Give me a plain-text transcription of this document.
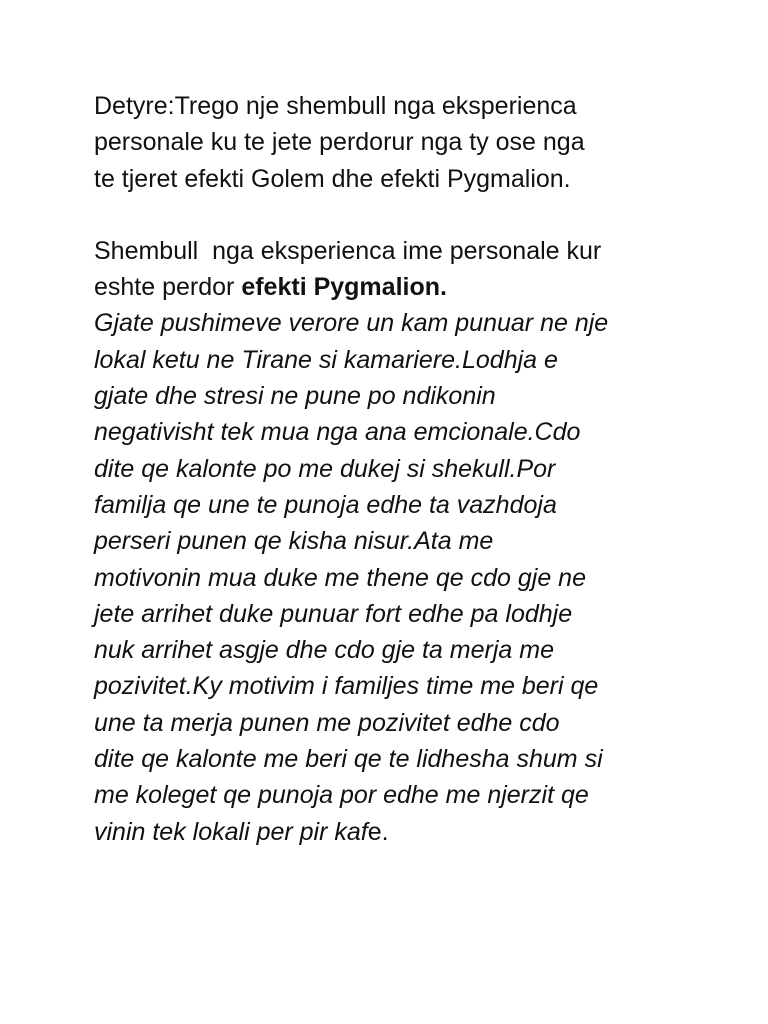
Detyre:Trego nje shembull nga eksperienca
personale ku te jete perdorur nga ty ose nga
te tjeret efekti Golem dhe efekti Pygmalion.
Shembull  nga eksperienca ime personale kur
eshte perdor efekti Pygmalion.
Gjate pushimeve verore un kam punuar ne nje
lokal ketu ne Tirane si kamariere.Lodhja e
gjate dhe stresi ne pune po ndikonin
negativisht tek mua nga ana emcionale.Cdo
dite qe kalonte po me dukej si shekull.Por
familja qe une te punoja edhe ta vazhdoja
perseri punen qe kisha nisur.Ata me
motivonin mua duke me thene qe cdo gje ne
jete arrihet duke punuar fort edhe pa lodhje
nuk arrihet asgje dhe cdo gje ta merja me
pozivitet.Ky motivim i familjes time me beri qe
une ta merja punen me pozivitet edhe cdo
dite qe kalonte me beri qe te lidhesha shum si
me koleget qe punoja por edhe me njerzit qe
vinin tek lokali per pir kafe.
